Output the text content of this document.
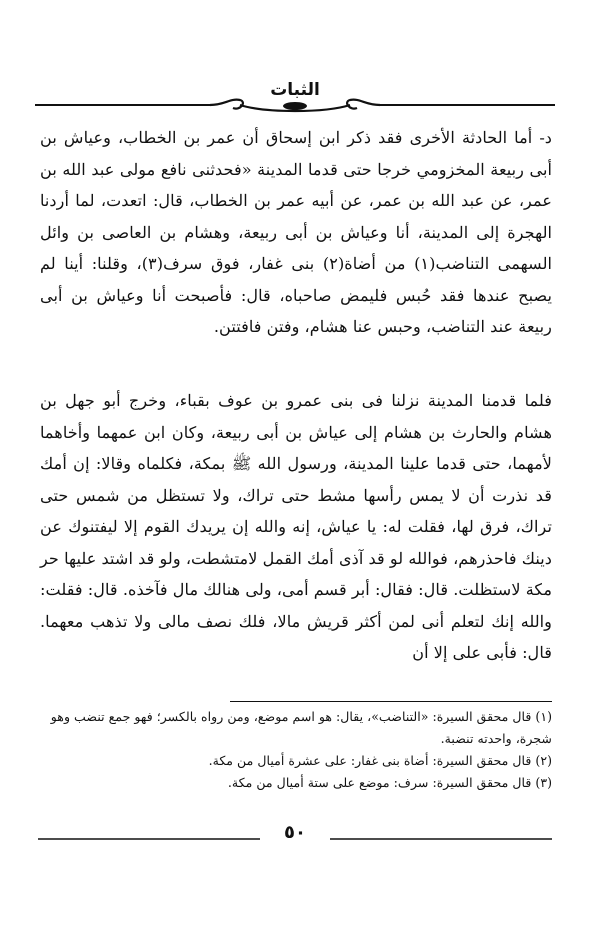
الثبات

د- أما الحادثة الأخرى فقد ذكر ابن إسحاق أن عمر بن الخطاب، وعياش بن أبى ربيعة المخزومي خرجا حتى قدما المدينة «فحدثنى نافع مولى عبد الله بن عمر، عن عبد الله بن عمر، عن أبيه عمر بن الخطاب، قال: اتعدت، لما أردنا الهجرة إلى المدينة، أنا وعياش بن أبى ربيعة، وهشام بن العاصى بن وائل السهمى التناضب(١) من أضاة(٢) بنى غفار، فوق سرف(٣)، وقلنا: أينا لم يصبح عندها فقد حُبس فليمض صاحباه، قال: فأصبحت أنا وعياش بن أبى ربيعة عند التناضب، وحبس عنا هشام، وفتن فافتتن.

فلما قدمنا المدينة نزلنا فى بنى عمرو بن عوف بقباء، وخرج أبو جهل بن هشام والحارث بن هشام إلى عياش بن أبى ربيعة، وكان ابن عمهما وأخاهما لأمهما، حتى قدما علينا المدينة، ورسول الله ﷺ بمكة، فكلماه وقالا: إن أمك قد نذرت أن لا يمس رأسها مشط حتى تراك، ولا تستظل من شمس حتى تراك، فرق لها، فقلت له: يا عياش، إنه والله إن يريدك القوم إلا ليفتنوك عن دينك فاحذرهم، فوالله لو قد آذى أمك القمل لامتشطت، ولو قد اشتد عليها حر مكة لاستظلت. قال: فقال: أبر قسم أمى، ولى هنالك مال فآخذه. قال: فقلت: والله إنك لتعلم أنى لمن أكثر قريش مالا، فلك نصف مالى ولا تذهب معهما. قال: فأبى على إلا أن

(١) قال محقق السيرة: «التناضب»، يقال: هو اسم موضع، ومن رواه بالكسر؛ فهو جمع تنضب وهو شجرة، واحدته تنضبة.

(٢) قال محقق السيرة: أضاة بنى غفار: على عشرة أميال من مكة.

(٣) قال محقق السيرة: سرف: موضع على ستة أميال من مكة.

٥٠
